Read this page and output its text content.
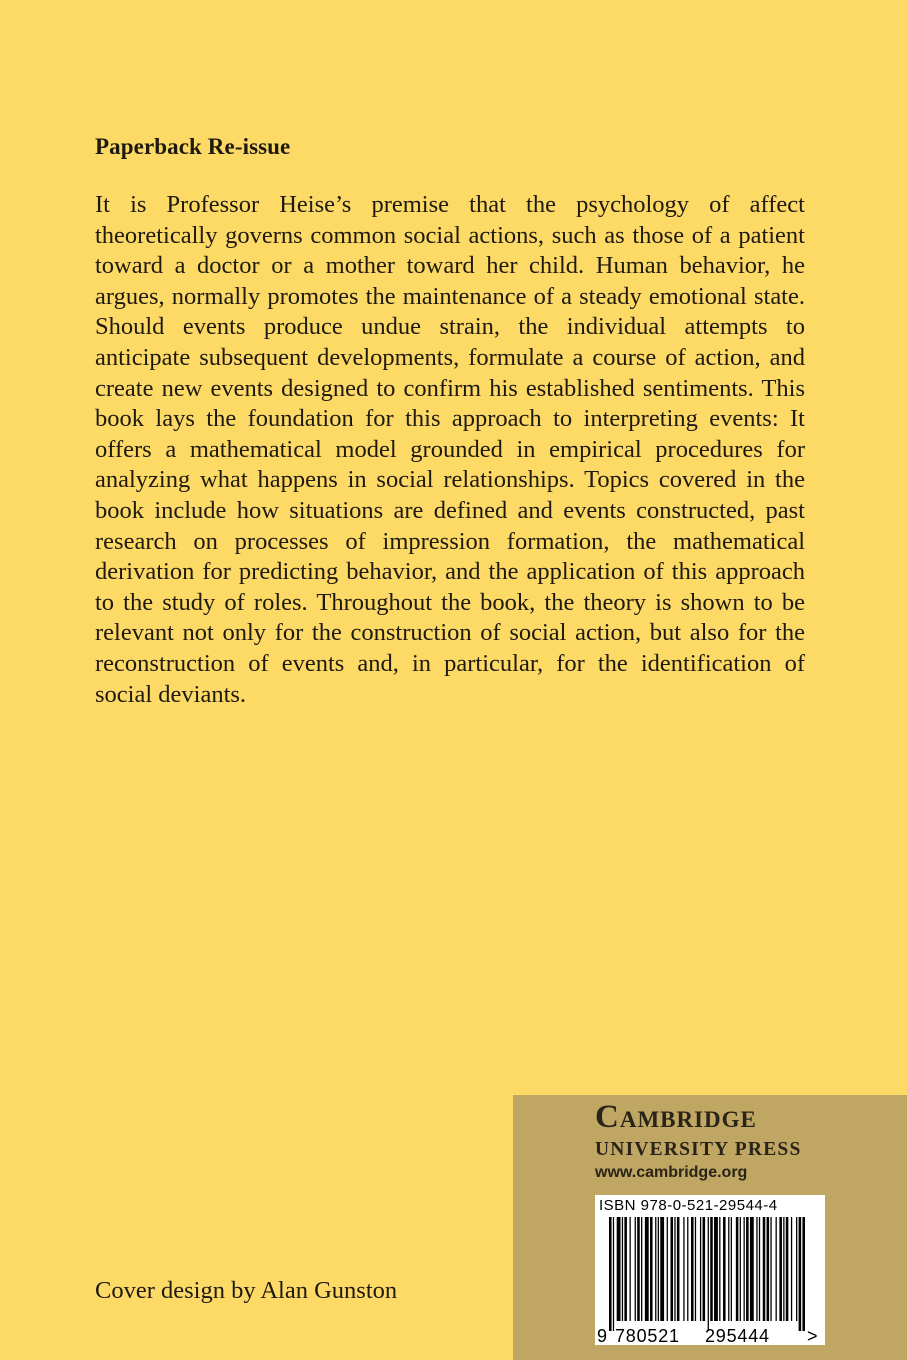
Paperback Re-issue

It is Professor Heise’s premise that the psychology of affect theoretically governs common social actions, such as those of a patient toward a doctor or a mother toward her child. Human behavior, he argues, normally promotes the maintenance of a steady emotional state. Should events produce undue strain, the individual attempts to anticipate subsequent developments, formulate a course of action, and create new events designed to confirm his established sentiments. This book lays the foundation for this approach to interpreting events: It offers a mathematical model grounded in empirical procedures for analyzing what happens in social relationships. Topics covered in the book include how situations are defined and events constructed, past research on processes of impression formation, the mathematical derivation for predicting behavior, and the application of this approach to the study of roles. Throughout the book, the theory is shown to be relevant not only for the construction of social action, but also for the reconstruction of events and, in particular, for the identification of social deviants.

Cover design by Alan Gunston
Cambridge
UNIVERSITY PRESS
www.cambridge.org
ISBN 978-0-521-29544-4
9 780521 295444 >
